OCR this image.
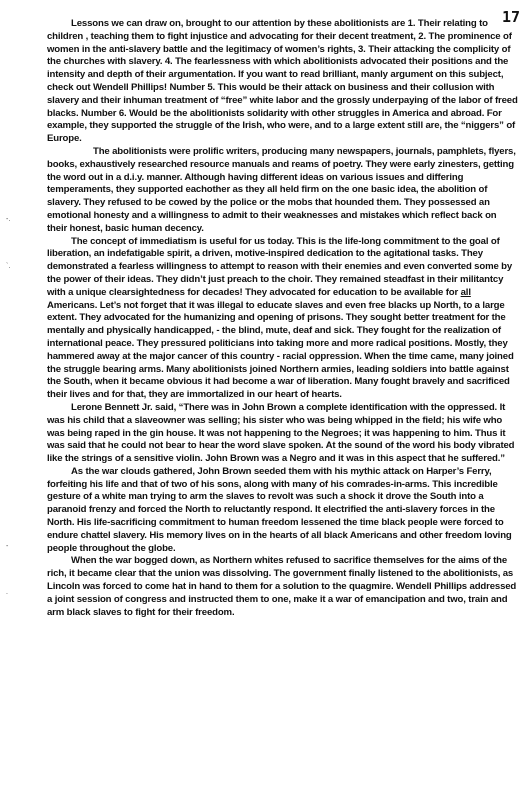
17

Lessons we can draw on, brought to our attention by these abolitionists are 1. Their relating to children , teaching them to fight injustice and advocating for their decent treatment, 2. The prominence of women in the anti-slavery battle and the legitimacy of women’s rights, 3. Their attacking the complicity of the churches with slavery. 4. The fearlessness with which abolitionists advocated their positions and the intensity and depth of their argumentation. If you want to read brilliant, manly argument on this subject, check out Wendell Phillips! Number 5. This would be their attack on business and their collusion with slavery and their inhuman treatment of “free” white labor and the grossly underpaying of the labor of freed blacks. Number 6. Would be the abolitionists solidarity with other struggles in America and abroad. For example, they supported the struggle of the Irish, who were, and to a large extent still are, the “niggers” of Europe.

The abolitionists were prolific writers, producing many newspapers, journals, pamphlets, flyers, books, exhaustively researched resource manuals and reams of poetry. They were early zinesters, getting the word out in a d.i.y. manner. Although having different ideas on various issues and differing temperaments, they supported eachother as they all held firm on the one basic idea, the abolition of slavery. They refused to be cowed by the police or the mobs that hounded them. They possessed an emotional honesty and a willingness to admit to their weaknesses and mistakes which reflect back on their honest, basic human decency.

The concept of immediatism is useful for us today. This is the life-long commitment to the goal of liberation, an indefatigable spirit, a driven, motive-inspired dedication to the agitational tasks. They demonstrated a fearless willingness to attempt to reason with their enemies and even converted some by the power of their ideas. They didn’t just preach to the choir. They remained steadfast in their militantcy with a unique clearsightedness for decades! They advocated for education to be available for all Americans. Let’s not forget that it was illegal to educate slaves and even free blacks up North, to a large extent. They advocated for the humanizing and opening of prisons. They sought better treatment for the mentally and physically handicapped, - the blind, mute, deaf and sick. They fought for the realization of international peace. They pressured politicians into taking more and more radical positions. Mostly, they hammered away at the major cancer of this country - racial oppression. When the time came, many joined the struggle bearing arms. Many abolitionists joined Northern armies, leading soldiers into battle against the South, when it became obvious it had become a war of liberation. Many fought bravely and sacrificed their lives and for that, they are immortalized in our heart of hearts.

Lerone Bennett Jr. said, “There was in John Brown a complete identification with the oppressed. It was his child that a slaveowner was selling; his sister who was being whipped in the field; his wife who was being raped in the gin house. It was not happening to the Negroes; it was happening to him. Thus it was said that he could not bear to hear the word slave spoken. At the sound of the word his body vibrated like the strings of a sensitive violin. John Brown was a Negro and it was in this aspect that he suffered.”

As the war clouds gathered, John Brown seeded them with his mythic attack on Harper’s Ferry, forfeiting his life and that of two of his sons, along with many of his comrades-in-arms. This incredible gesture of a white man trying to arm the slaves to revolt was such a shock it drove the South into a paranoid frenzy and forced the North to reluctantly respond. It electrified the anti-slavery forces in the North. His life-sacrificing commitment to human freedom lessened the time black people were forced to endure chattel slavery. His memory lives on in the hearts of all black Americans and other freedom loving people throughout the globe.

When the war bogged down, as Northern whites refused to sacrifice themselves for the aims of the rich, it became clear that the union was dissolving. The government finally listened to the abolitionists, as Lincoln was forced to come hat in hand to them for a solution to the quagmire. Wendell Phillips addressed a joint session of congress and instructed them to one, make it a war of emancipation and two, train and arm black slaves to fight for their freedom.

-.
`.
-
.
